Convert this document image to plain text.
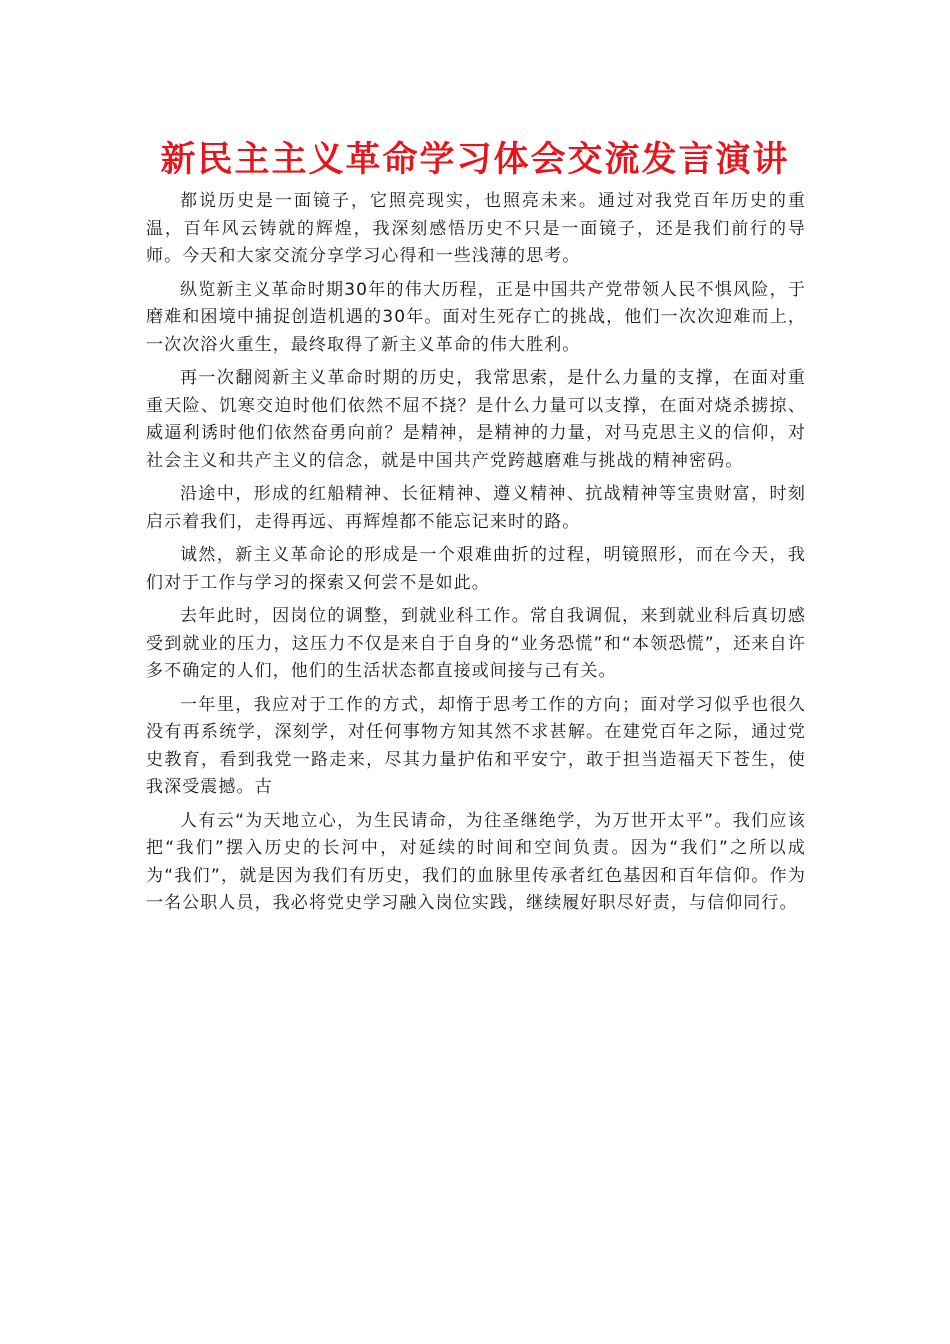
新民主主义革命学习体会交流发言演讲

都说历史是一面镜子，它照亮现实，也照亮未来。通过对我党百年历史的重温，百年风云铸就的辉煌，我深刻感悟历史不只是一面镜子，还是我们前行的导师。今天和大家交流分享学习心得和一些浅薄的思考。

纵览新主义革命时期30年的伟大历程，正是中国共产党带领人民不惧风险，于磨难和困境中捕捉创造机遇的30年。面对生死存亡的挑战，他们一次次迎难而上，一次次浴火重生，最终取得了新主义革命的伟大胜利。

再一次翻阅新主义革命时期的历史，我常思索，是什么力量的支撑，在面对重重天险、饥寒交迫时他们依然不屈不挠？是什么力量可以支撑，在面对烧杀掳掠、威逼利诱时他们依然奋勇向前？是精神，是精神的力量，对马克思主义的信仰，对社会主义和共产主义的信念，就是中国共产党跨越磨难与挑战的精神密码。

沿途中，形成的红船精神、长征精神、遵义精神、抗战精神等宝贵财富，时刻启示着我们，走得再远、再辉煌都不能忘记来时的路。

诚然，新主义革命论的形成是一个艰难曲折的过程，明镜照形，而在今天，我们对于工作与学习的探索又何尝不是如此。

去年此时，因岗位的调整，到就业科工作。常自我调侃，来到就业科后真切感受到就业的压力，这压力不仅是来自于自身的“业务恐慌”和“本领恐慌”，还来自许多不确定的人们，他们的生活状态都直接或间接与己有关。

一年里，我应对于工作的方式，却惰于思考工作的方向；面对学习似乎也很久没有再系统学，深刻学，对任何事物方知其然不求甚解。在建党百年之际，通过党史教育，看到我党一路走来，尽其力量护佑和平安宁，敢于担当造福天下苍生，使我深受震撼。古

人有云“为天地立心，为生民请命，为往圣继绝学，为万世开太平”。我们应该把“我们”摆入历史的长河中，对延续的时间和空间负责。因为“我们”之所以成为“我们”，就是因为我们有历史，我们的血脉里传承者红色基因和百年信仰。作为一名公职人员，我必将党史学习融入岗位实践，继续履好职尽好责，与信仰同行。
